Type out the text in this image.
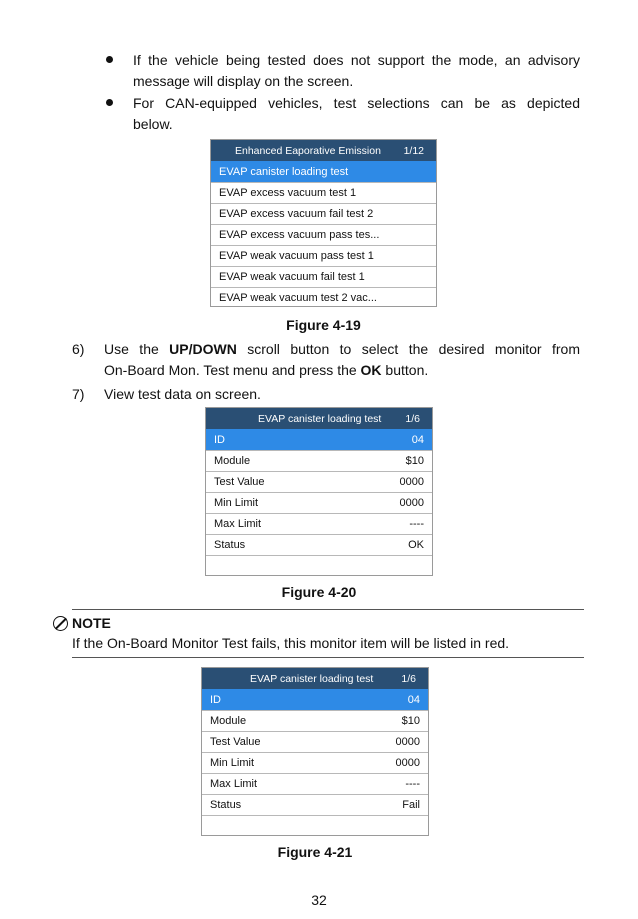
If the vehicle being tested does not support the mode, an advisory
message will display on the screen.
For CAN-equipped vehicles, test selections can be as depicted
below.
Enhanced Eaporative Emission 1/12
EVAP canister loading test
EVAP excess vacuum test 1
EVAP excess vacuum fail test 2
EVAP excess vacuum pass tes...
EVAP weak vacuum pass test 1
EVAP weak vacuum fail test 1
EVAP weak vacuum test 2 vac...
Figure 4-19
6) Use the UP/DOWN scroll button to select the desired monitor from
On-Board Mon. Test menu and press the OK button.
7) View test data on screen.
EVAP canister loading test 1/6
ID	04
Module	$10
Test Value	0000
Min Limit	0000
Max Limit	----
Status	OK
Figure 4-20
NOTE
If the On-Board Monitor Test fails, this monitor item will be listed in red.
EVAP canister loading test	1/6
ID	04
Module	$10
Test Value	0000
Min Limit	0000
Max Limit	----
Status	Fail
Figure 4-21
32
